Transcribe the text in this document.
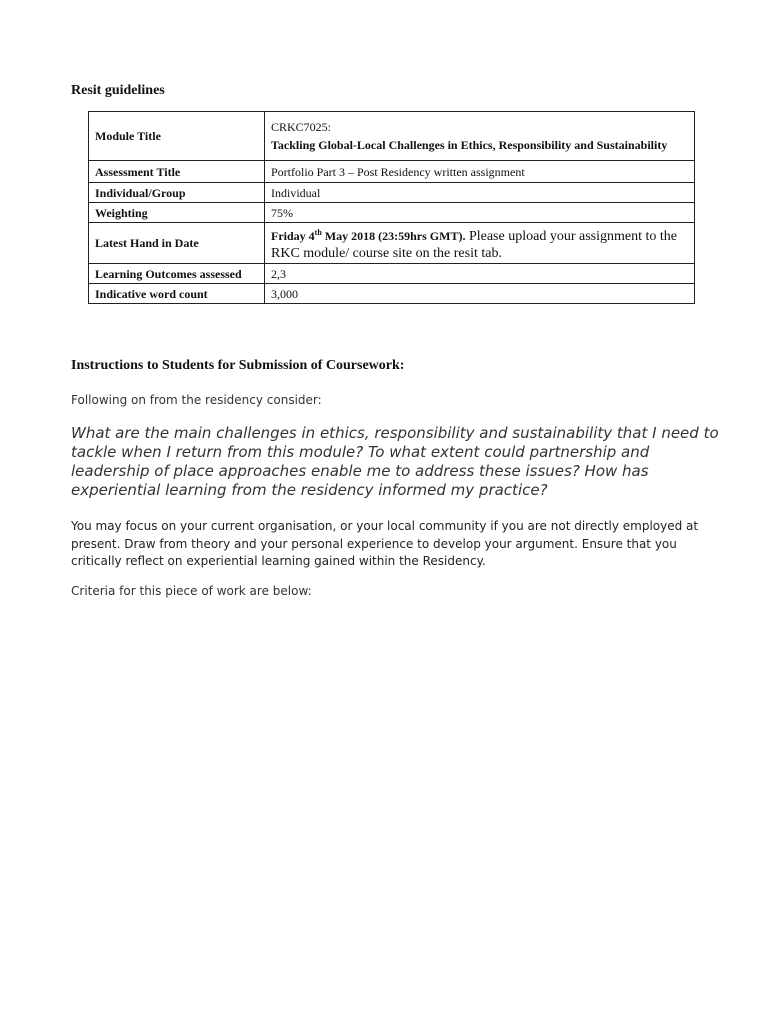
Resit guidelines
Module Title	CRKC7025:
Tackling Global-Local Challenges in Ethics, Responsibility and Sustainability

Assessment Title	Portfolio Part 3 – Post Residency written assignment
Individual/Group	Individual
Weighting	75%
Latest Hand in Date	Friday 4th May 2018 (23:59hrs GMT). Please upload your assignment to the RKC module/ course site on the resit tab.
Learning Outcomes assessed	2,3
Indicative word count	3,000
Instructions to Students for Submission of Coursework:
Following on from the residency consider:
What are the main challenges in ethics, responsibility and sustainability that I need to tackle when I return from this module? To what extent could partnership and leadership of place approaches enable me to address these issues? How has experiential learning from the residency informed my practice?
You may focus on your current organisation, or your local community if you are not directly employed at present. Draw from theory and your personal experience to develop your argument. Ensure that you critically reflect on experiential learning gained within the Residency.
Criteria for this piece of work are below:
